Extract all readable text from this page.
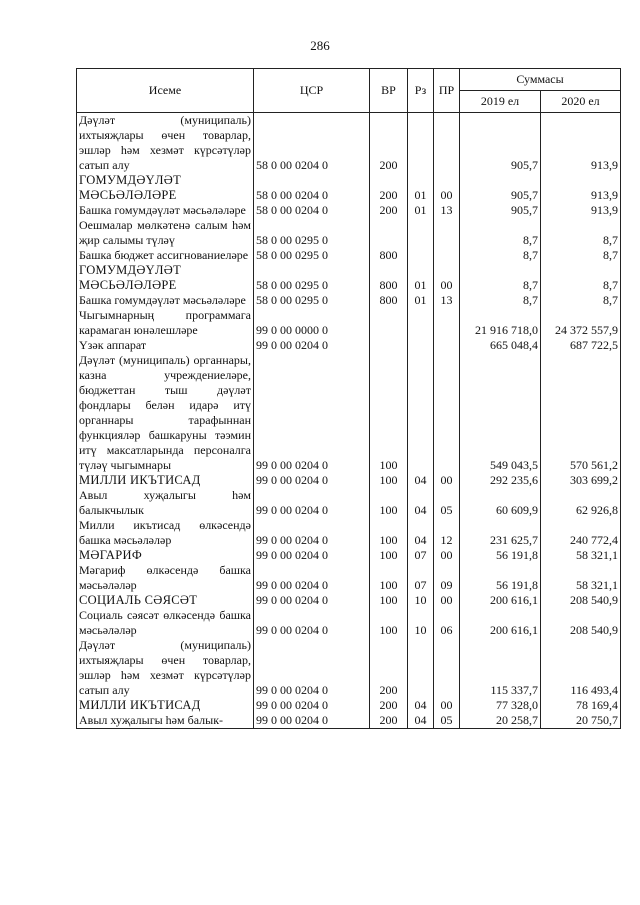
286
Исеме	ЦСР	ВР	Рз	ПР	Суммасы	
					2019 ел	2020 ел
Дәүләт (муниципаль) ихтыяҗлары өчен товарлар, эшләр һәм хезмәт күрсәтүләр сатып алу	58 0 00 0204 0	200			905,7	913,9
ГОМУМДӘҮЛӘТ МӘСЬӘЛӘЛӘРЕ	58 0 00 0204 0	200	01	00	905,7	913,9
Башка гомумдәүләт мәсьәләләре	58 0 00 0204 0	200	01	13	905,7	913,9
Оешмалар мөлкәтенә салым һәм җир салымы түләү	58 0 00 0295 0				8,7	8,7
Башка бюджет ассигнованиеләре	58 0 00 0295 0	800			8,7	8,7
ГОМУМДӘҮЛӘТ МӘСЬӘЛӘЛӘРЕ	58 0 00 0295 0	800	01	00	8,7	8,7
Башка гомумдәүләт мәсьәләләре	58 0 00 0295 0	800	01	13	8,7	8,7
Чыгымнарның программага карамаган юнәлешләре	99 0 00 0000 0				21 916 718,0	24 372 557,9
Үзәк аппарат	99 0 00 0204 0				665 048,4	687 722,5
Дәүләт (муниципаль) органнары, казна учреждениеләре, бюджеттан тыш дәүләт фондлары белән идарә итү органнары тарафыннан функцияләр башкаруны тәэмин итү максатларында персоналга түләү чыгымнары	99 0 00 0204 0	100			549 043,5	570 561,2
МИЛЛИ ИКЪТИСАД	99 0 00 0204 0	100	04	00	292 235,6	303 699,2
Авыл хуҗалыгы һәм балыкчылык	99 0 00 0204 0	100	04	05	60 609,9	62 926,8
Милли икътисад өлкәсендә башка мәсьәләләр	99 0 00 0204 0	100	04	12	231 625,7	240 772,4
МӘГАРИФ	99 0 00 0204 0	100	07	00	56 191,8	58 321,1
Мәгариф өлкәсендә башка мәсьәләләр	99 0 00 0204 0	100	07	09	56 191,8	58 321,1
СОЦИАЛЬ СӘЯСӘТ	99 0 00 0204 0	100	10	00	200 616,1	208 540,9
Социаль сәясәт өлкәсендә башка мәсьәләләр	99 0 00 0204 0	100	10	06	200 616,1	208 540,9
Дәүләт (муниципаль) ихтыяҗлары өчен товарлар, эшләр һәм хезмәт күрсәтүләр сатып алу	99 0 00 0204 0	200			115 337,7	116 493,4
МИЛЛИ ИКЪТИСАД	99 0 00 0204 0	200	04	00	77 328,0	78 169,4
Авыл хуҗалыгы һәм балык-	99 0 00 0204 0	200	04	05	20 258,7	20 750,7
